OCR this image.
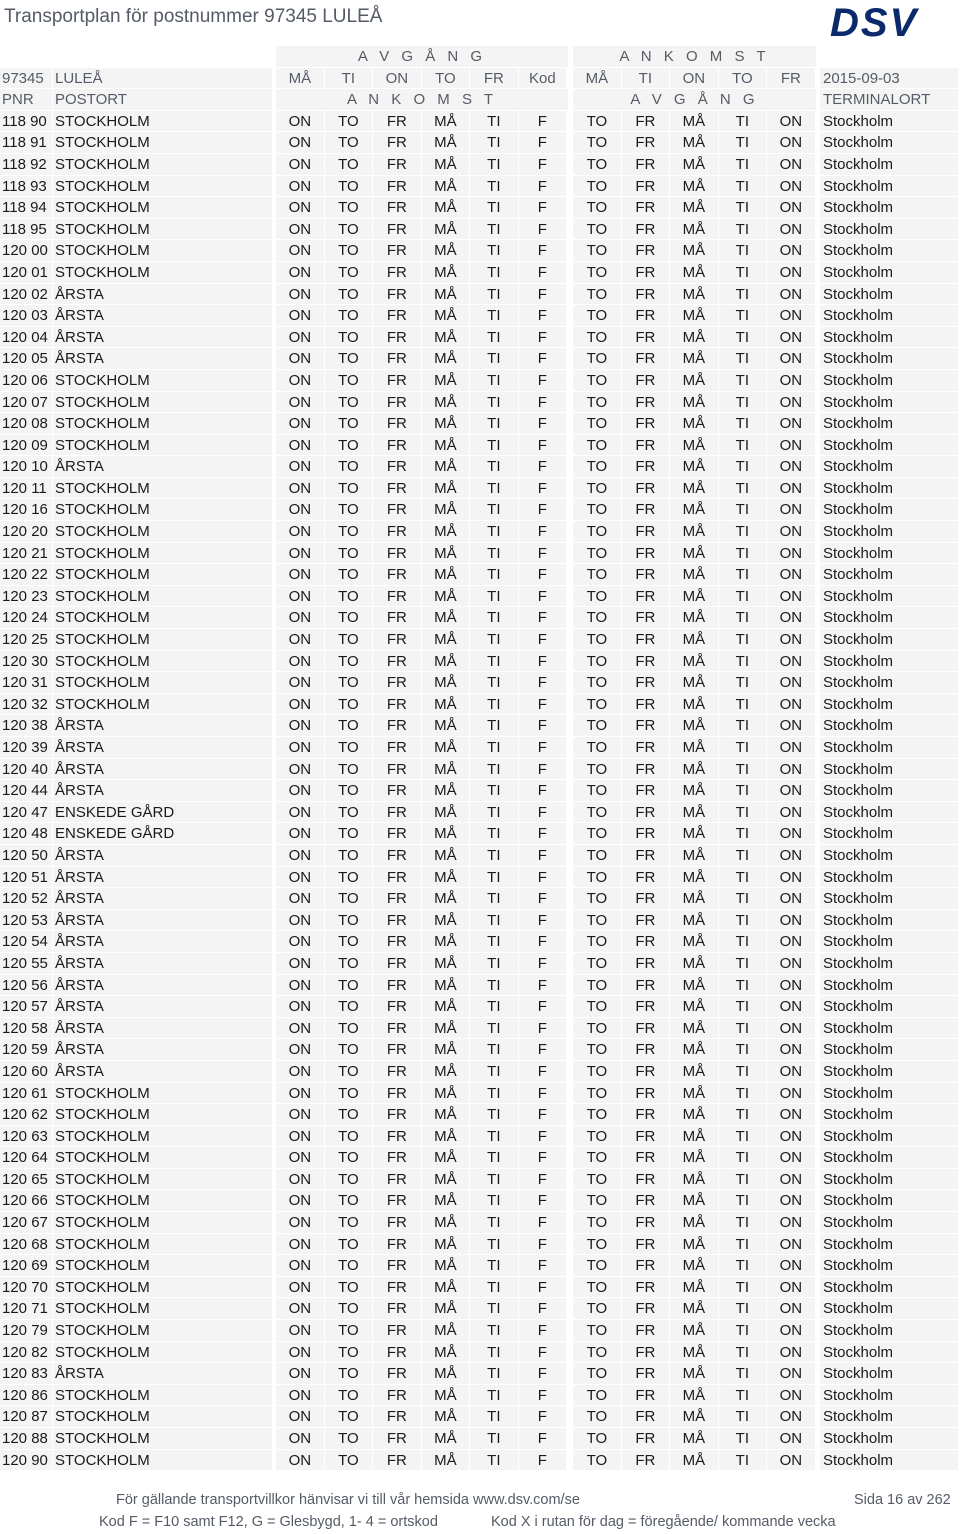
Transportplan för postnummer 97345 LULEÅ	DSV
A V G Å N G	A N K O M S T
97345 LULEÅ	MÅ	TI	ON	TO	FR	Kod	MÅ	TI	ON	TO	FR	2015-09-03
PNR	POSTORT	A N K O M S T	A V G Å N G	TERMINALORT
118 90 STOCKHOLM	ON	TO	FR	MÅ	TI	F	TO	FR	MÅ	TI	ON	Stockholm
118 91 STOCKHOLM	ON	TO	FR	MÅ	TI	F	TO	FR	MÅ	TI	ON	Stockholm
118 92 STOCKHOLM	ON	TO	FR	MÅ	TI	F	TO	FR	MÅ	TI	ON	Stockholm
118 93 STOCKHOLM	ON	TO	FR	MÅ	TI	F	TO	FR	MÅ	TI	ON	Stockholm
118 94 STOCKHOLM	ON	TO	FR	MÅ	TI	F	TO	FR	MÅ	TI	ON	Stockholm
118 95 STOCKHOLM	ON	TO	FR	MÅ	TI	F	TO	FR	MÅ	TI	ON	Stockholm
120 00 STOCKHOLM	ON	TO	FR	MÅ	TI	F	TO	FR	MÅ	TI	ON	Stockholm
120 01 STOCKHOLM	ON	TO	FR	MÅ	TI	F	TO	FR	MÅ	TI	ON	Stockholm
120 02 ÅRSTA	ON	TO	FR	MÅ	TI	F	TO	FR	MÅ	TI	ON	Stockholm
120 03 ÅRSTA	ON	TO	FR	MÅ	TI	F	TO	FR	MÅ	TI	ON	Stockholm
120 04 ÅRSTA	ON	TO	FR	MÅ	TI	F	TO	FR	MÅ	TI	ON	Stockholm
120 05 ÅRSTA	ON	TO	FR	MÅ	TI	F	TO	FR	MÅ	TI	ON	Stockholm
120 06 STOCKHOLM	ON	TO	FR	MÅ	TI	F	TO	FR	MÅ	TI	ON	Stockholm
120 07 STOCKHOLM	ON	TO	FR	MÅ	TI	F	TO	FR	MÅ	TI	ON	Stockholm
120 08 STOCKHOLM	ON	TO	FR	MÅ	TI	F	TO	FR	MÅ	TI	ON	Stockholm
120 09 STOCKHOLM	ON	TO	FR	MÅ	TI	F	TO	FR	MÅ	TI	ON	Stockholm
120 10 ÅRSTA	ON	TO	FR	MÅ	TI	F	TO	FR	MÅ	TI	ON	Stockholm
120 11 STOCKHOLM	ON	TO	FR	MÅ	TI	F	TO	FR	MÅ	TI	ON	Stockholm
120 16 STOCKHOLM	ON	TO	FR	MÅ	TI	F	TO	FR	MÅ	TI	ON	Stockholm
120 20 STOCKHOLM	ON	TO	FR	MÅ	TI	F	TO	FR	MÅ	TI	ON	Stockholm
120 21 STOCKHOLM	ON	TO	FR	MÅ	TI	F	TO	FR	MÅ	TI	ON	Stockholm
120 22 STOCKHOLM	ON	TO	FR	MÅ	TI	F	TO	FR	MÅ	TI	ON	Stockholm
120 23 STOCKHOLM	ON	TO	FR	MÅ	TI	F	TO	FR	MÅ	TI	ON	Stockholm
120 24 STOCKHOLM	ON	TO	FR	MÅ	TI	F	TO	FR	MÅ	TI	ON	Stockholm
120 25 STOCKHOLM	ON	TO	FR	MÅ	TI	F	TO	FR	MÅ	TI	ON	Stockholm
120 30 STOCKHOLM	ON	TO	FR	MÅ	TI	F	TO	FR	MÅ	TI	ON	Stockholm
120 31 STOCKHOLM	ON	TO	FR	MÅ	TI	F	TO	FR	MÅ	TI	ON	Stockholm
120 32 STOCKHOLM	ON	TO	FR	MÅ	TI	F	TO	FR	MÅ	TI	ON	Stockholm
120 38 ÅRSTA	ON	TO	FR	MÅ	TI	F	TO	FR	MÅ	TI	ON	Stockholm
120 39 ÅRSTA	ON	TO	FR	MÅ	TI	F	TO	FR	MÅ	TI	ON	Stockholm
120 40 ÅRSTA	ON	TO	FR	MÅ	TI	F	TO	FR	MÅ	TI	ON	Stockholm
120 44 ÅRSTA	ON	TO	FR	MÅ	TI	F	TO	FR	MÅ	TI	ON	Stockholm
120 47 ENSKEDE GÅRD	ON	TO	FR	MÅ	TI	F	TO	FR	MÅ	TI	ON	Stockholm
120 48 ENSKEDE GÅRD	ON	TO	FR	MÅ	TI	F	TO	FR	MÅ	TI	ON	Stockholm
120 50 ÅRSTA	ON	TO	FR	MÅ	TI	F	TO	FR	MÅ	TI	ON	Stockholm
120 51 ÅRSTA	ON	TO	FR	MÅ	TI	F	TO	FR	MÅ	TI	ON	Stockholm
120 52 ÅRSTA	ON	TO	FR	MÅ	TI	F	TO	FR	MÅ	TI	ON	Stockholm
120 53 ÅRSTA	ON	TO	FR	MÅ	TI	F	TO	FR	MÅ	TI	ON	Stockholm
120 54 ÅRSTA	ON	TO	FR	MÅ	TI	F	TO	FR	MÅ	TI	ON	Stockholm
120 55 ÅRSTA	ON	TO	FR	MÅ	TI	F	TO	FR	MÅ	TI	ON	Stockholm
120 56 ÅRSTA	ON	TO	FR	MÅ	TI	F	TO	FR	MÅ	TI	ON	Stockholm
120 57 ÅRSTA	ON	TO	FR	MÅ	TI	F	TO	FR	MÅ	TI	ON	Stockholm
120 58 ÅRSTA	ON	TO	FR	MÅ	TI	F	TO	FR	MÅ	TI	ON	Stockholm
120 59 ÅRSTA	ON	TO	FR	MÅ	TI	F	TO	FR	MÅ	TI	ON	Stockholm
120 60 ÅRSTA	ON	TO	FR	MÅ	TI	F	TO	FR	MÅ	TI	ON	Stockholm
120 61 STOCKHOLM	ON	TO	FR	MÅ	TI	F	TO	FR	MÅ	TI	ON	Stockholm
120 62 STOCKHOLM	ON	TO	FR	MÅ	TI	F	TO	FR	MÅ	TI	ON	Stockholm
120 63 STOCKHOLM	ON	TO	FR	MÅ	TI	F	TO	FR	MÅ	TI	ON	Stockholm
120 64 STOCKHOLM	ON	TO	FR	MÅ	TI	F	TO	FR	MÅ	TI	ON	Stockholm
120 65 STOCKHOLM	ON	TO	FR	MÅ	TI	F	TO	FR	MÅ	TI	ON	Stockholm
120 66 STOCKHOLM	ON	TO	FR	MÅ	TI	F	TO	FR	MÅ	TI	ON	Stockholm
120 67 STOCKHOLM	ON	TO	FR	MÅ	TI	F	TO	FR	MÅ	TI	ON	Stockholm
120 68 STOCKHOLM	ON	TO	FR	MÅ	TI	F	TO	FR	MÅ	TI	ON	Stockholm
120 69 STOCKHOLM	ON	TO	FR	MÅ	TI	F	TO	FR	MÅ	TI	ON	Stockholm
120 70 STOCKHOLM	ON	TO	FR	MÅ	TI	F	TO	FR	MÅ	TI	ON	Stockholm
120 71 STOCKHOLM	ON	TO	FR	MÅ	TI	F	TO	FR	MÅ	TI	ON	Stockholm
120 79 STOCKHOLM	ON	TO	FR	MÅ	TI	F	TO	FR	MÅ	TI	ON	Stockholm
120 82 STOCKHOLM	ON	TO	FR	MÅ	TI	F	TO	FR	MÅ	TI	ON	Stockholm
120 83 ÅRSTA	ON	TO	FR	MÅ	TI	F	TO	FR	MÅ	TI	ON	Stockholm
120 86 STOCKHOLM	ON	TO	FR	MÅ	TI	F	TO	FR	MÅ	TI	ON	Stockholm
120 87 STOCKHOLM	ON	TO	FR	MÅ	TI	F	TO	FR	MÅ	TI	ON	Stockholm
120 88 STOCKHOLM	ON	TO	FR	MÅ	TI	F	TO	FR	MÅ	TI	ON	Stockholm
120 90 STOCKHOLM	ON	TO	FR	MÅ	TI	F	TO	FR	MÅ	TI	ON	Stockholm
För gällande transportvillkor hänvisar vi till vår hemsida www.dsv.com/se	Sida 16 av 262
Kod F = F10 samt F12, G = Glesbygd, 1- 4 = ortskod	Kod X i rutan för dag = föregående/ kommande vecka
